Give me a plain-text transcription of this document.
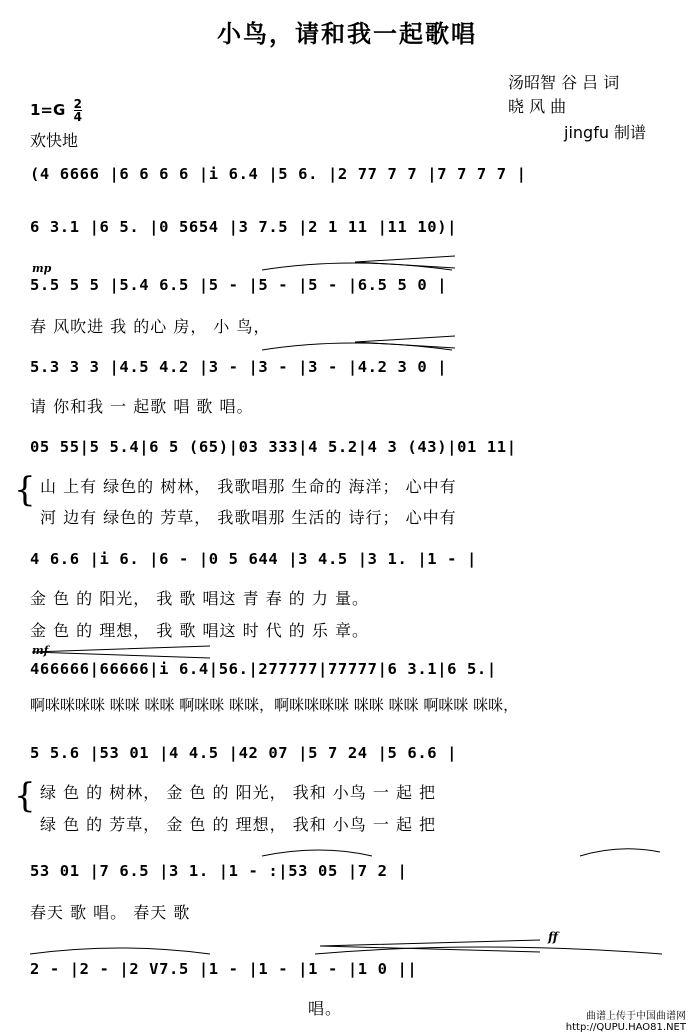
小鸟，请和我一起歌唱
汤昭智 谷 吕 词
晓 风 曲
jingfu 制谱
$1=G \frac{2}{4}$
欢快地
(4 6666 |6 6 6 6 |i 6.4 |5 6. |2 77 7 7 |7 7 7 7 |
6 3.1 |6 5. |0 5654 |3 7.5 |2 1 11 |11 10)|
mp
5.5 5 5 |5.4 6.5 |5 - |5 - |5 - |6.5 5 0 |
春 风吹进 我 的心 房， 小 鸟，
5.3 3 3 |4.5 4.2 |3 - |3 - |3 - |4.2 3 0 |
请 你和我 一 起歌 唱 歌 唱。
05 55|5 5.4|6 5 (65)|03 333|4 5.2|4 3 (43)|01 11|
{ 山 上有 绿色的 树林， 我歌唱那 生命的 海洋； 心中有
河 边有 绿色的 芳草， 我歌唱那 生活的 诗行； 心中有
4 6.6 |i 6. |6 - |0 5 644 |3 4.5 |3 1. |1 - |
金 色 的 阳光， 我 歌 唱这 青 春 的 力 量。
金 色 的 理想， 我 歌 唱这 时 代 的 乐 章。
mf
466666|66666|i 6.4|56.|277777|77777|6 3.1|6 5.|
啊咪咪咪咪 咪咪 咪咪 啊咪咪 咪咪，啊咪咪咪咪 咪咪 咪咪 啊咪咪 咪咪，
5 5.6 |53 01 |4 4.5 |42 07 |5 7 24 |5 6.6 |
{ 绿 色 的 树林， 金 色 的 阳光， 我和 小鸟 一 起 把
绿 色 的 芳草， 金 色 的 理想， 我和 小鸟 一 起 把
53 01 |7 6.5 |3 1. |1 - :|53 05 |7 2 |
春天 歌 唱。 春天 歌
ff
2 - |2 - |2 V7.5 |1 - |1 - |1 - |1 0 ||
唱。	曲谱上传于中国曲谱网
http://QUPU.HAO81.NET
